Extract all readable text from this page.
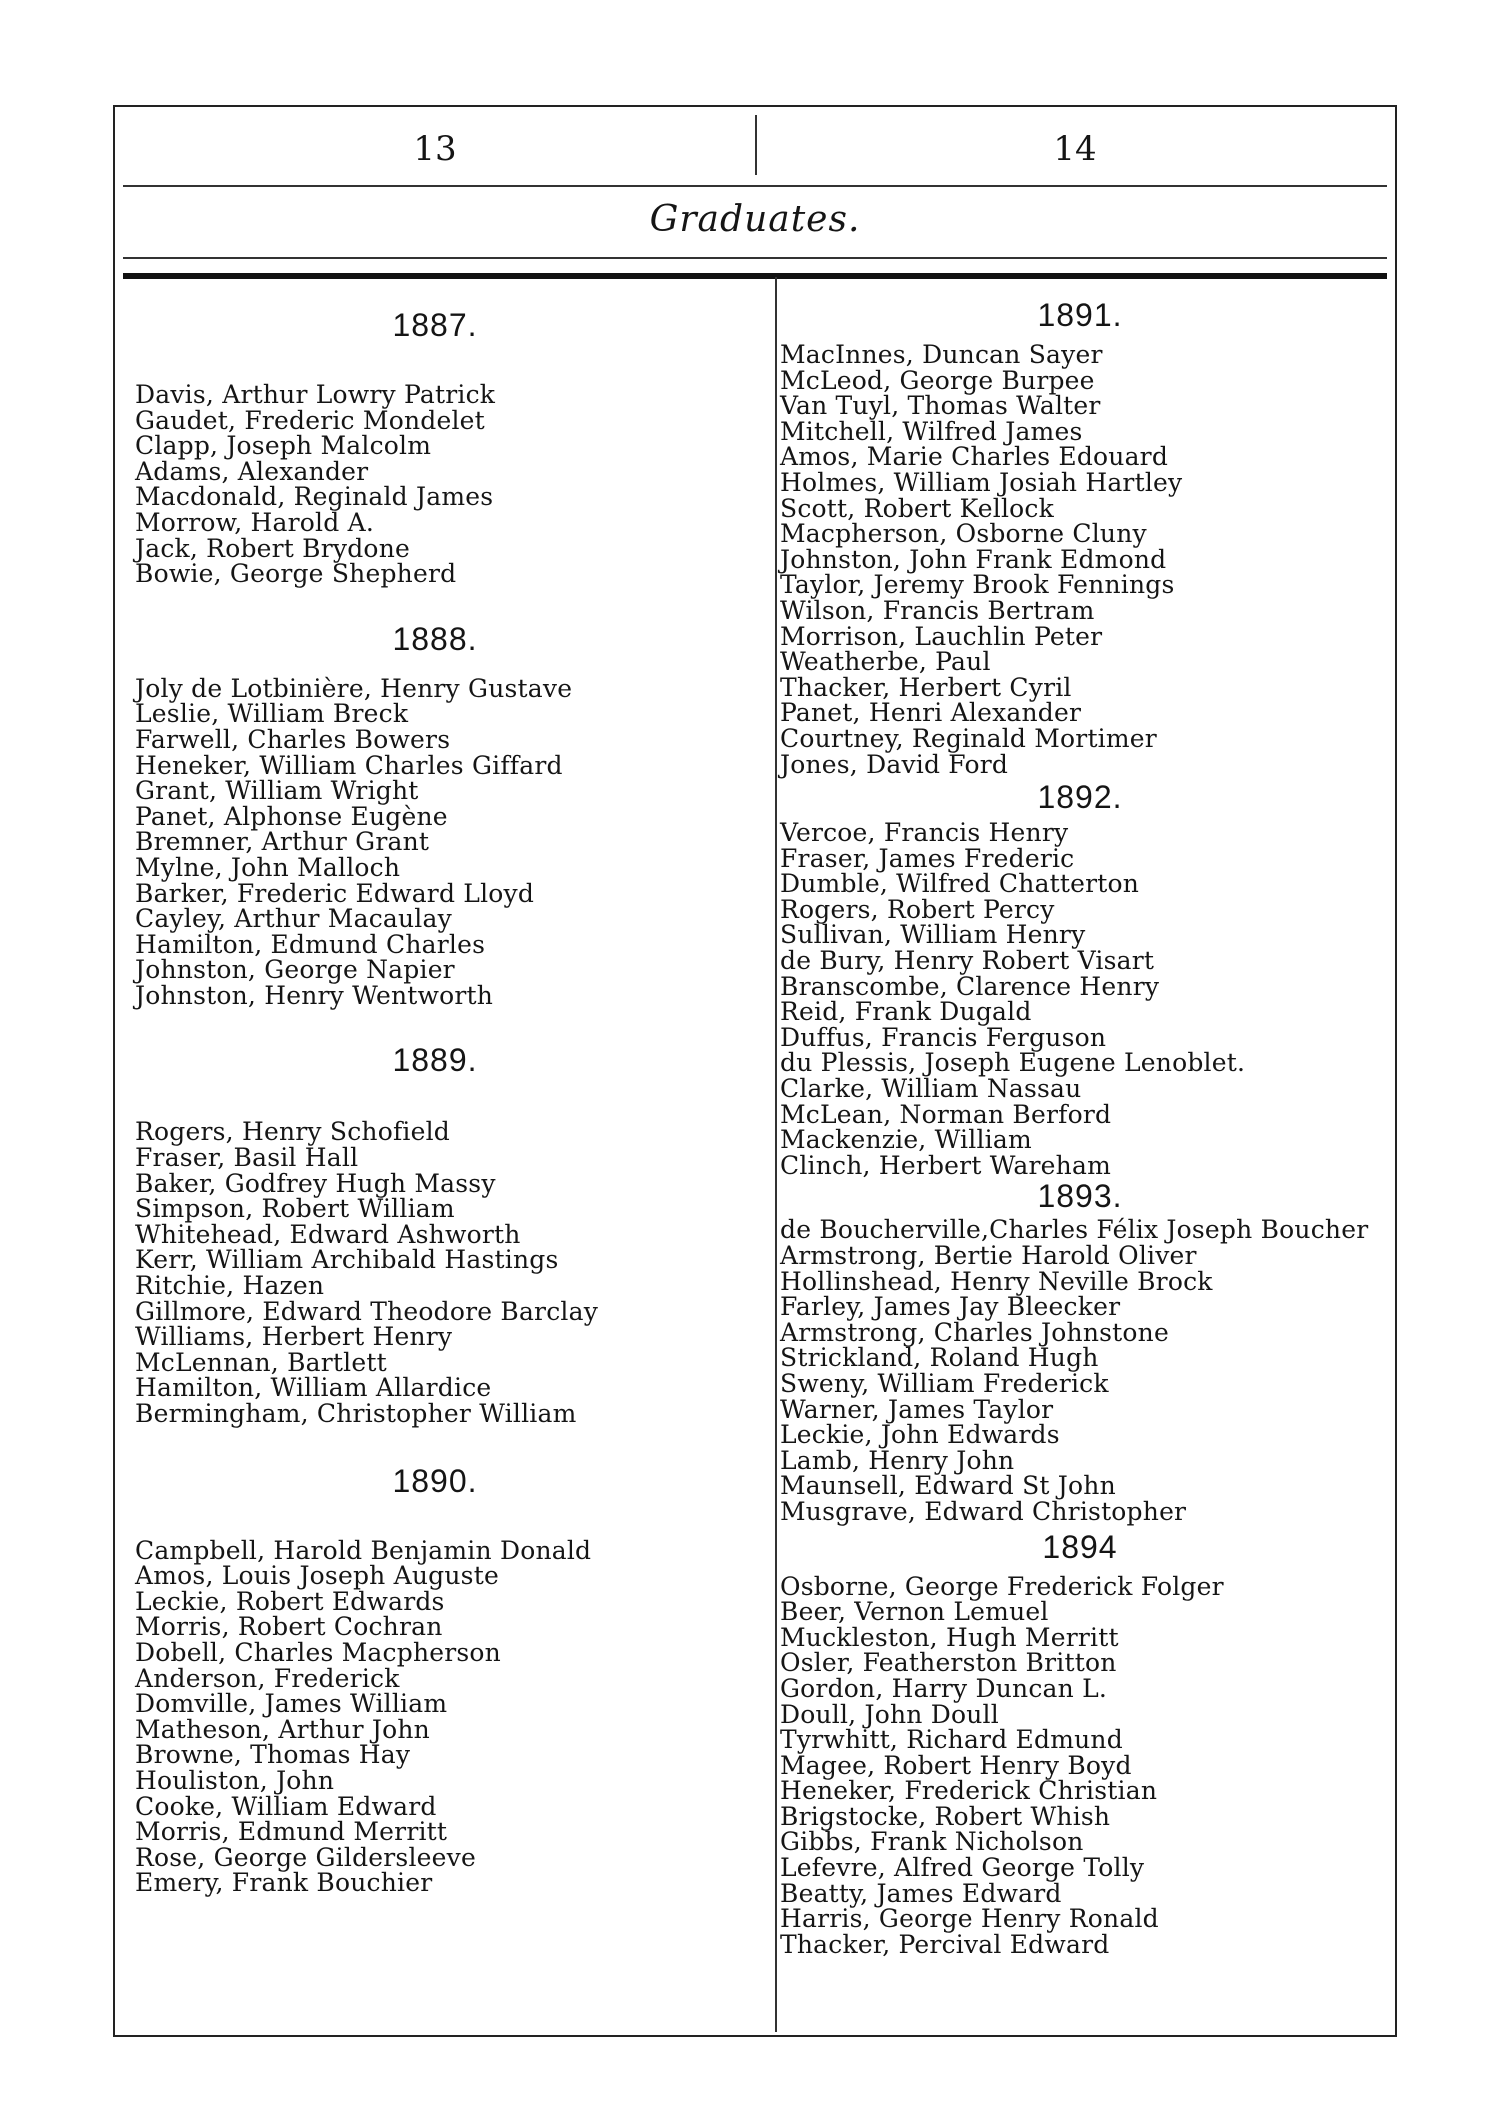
13	14
Graduates.
1887.
Davis, Arthur Lowry Patrick
Gaudet, Frederic Mondelet
Clapp, Joseph Malcolm
Adams, Alexander
Macdonald, Reginald James
Morrow, Harold A.
Jack, Robert Brydone
Bowie, George Shepherd
1888.
Joly de Lotbinière, Henry Gustave
Leslie, William Breck
Farwell, Charles Bowers
Heneker, William Charles Giffard
Grant, William Wright
Panet, Alphonse Eugène
Bremner, Arthur Grant
Mylne, John Malloch
Barker, Frederic Edward Lloyd
Cayley, Arthur Macaulay
Hamilton, Edmund Charles
Johnston, George Napier
Johnston, Henry Wentworth
1889.
Rogers, Henry Schofield
Fraser, Basil Hall
Baker, Godfrey Hugh Massy
Simpson, Robert William
Whitehead, Edward Ashworth
Kerr, William Archibald Hastings
Ritchie, Hazen
Gillmore, Edward Theodore Barclay
Williams, Herbert Henry
McLennan, Bartlett
Hamilton, William Allardice
Bermingham, Christopher William
1890.
Campbell, Harold Benjamin Donald
Amos, Louis Joseph Auguste
Leckie, Robert Edwards
Morris, Robert Cochran
Dobell, Charles Macpherson
Anderson, Frederick
Domville, James William
Matheson, Arthur John
Browne, Thomas Hay
Houliston, John
Cooke, William Edward
Morris, Edmund Merritt
Rose, George Gildersleeve
Emery, Frank Bouchier
1891.
MacInnes, Duncan Sayer
McLeod, George Burpee
Van Tuyl, Thomas Walter
Mitchell, Wilfred James
Amos, Marie Charles Edouard
Holmes, William Josiah Hartley
Scott, Robert Kellock
Macpherson, Osborne Cluny
Johnston, John Frank Edmond
Taylor, Jeremy Brook Fennings
Wilson, Francis Bertram
Morrison, Lauchlin Peter
Weatherbe, Paul
Thacker, Herbert Cyril
Panet, Henri Alexander
Courtney, Reginald Mortimer
Jones, David Ford
1892.
Vercoe, Francis Henry
Fraser, James Frederic
Dumble, Wilfred Chatterton
Rogers, Robert Percy
Sullivan, William Henry
de Bury, Henry Robert Visart
Branscombe, Clarence Henry
Reid, Frank Dugald
Duffus, Francis Ferguson
du Plessis, Joseph Eugene Lenoblet.
Clarke, William Nassau
McLean, Norman Berford
Mackenzie, William
Clinch, Herbert Wareham
1893.
de Boucherville,Charles Félix Joseph Boucher
Armstrong, Bertie Harold Oliver
Hollinshead, Henry Neville Brock
Farley, James Jay Bleecker
Armstrong, Charles Johnstone
Strickland, Roland Hugh
Sweny, William Frederick
Warner, James Taylor
Leckie, John Edwards
Lamb, Henry John
Maunsell, Edward St John
Musgrave, Edward Christopher
1894
Osborne, George Frederick Folger
Beer, Vernon Lemuel
Muckleston, Hugh Merritt
Osler, Featherston Britton
Gordon, Harry Duncan L.
Doull, John Doull
Tyrwhitt, Richard Edmund
Magee, Robert Henry Boyd
Heneker, Frederick Christian
Brigstocke, Robert Whish
Gibbs, Frank Nicholson
Lefevre, Alfred George Tolly
Beatty, James Edward
Harris, George Henry Ronald
Thacker, Percival Edward
